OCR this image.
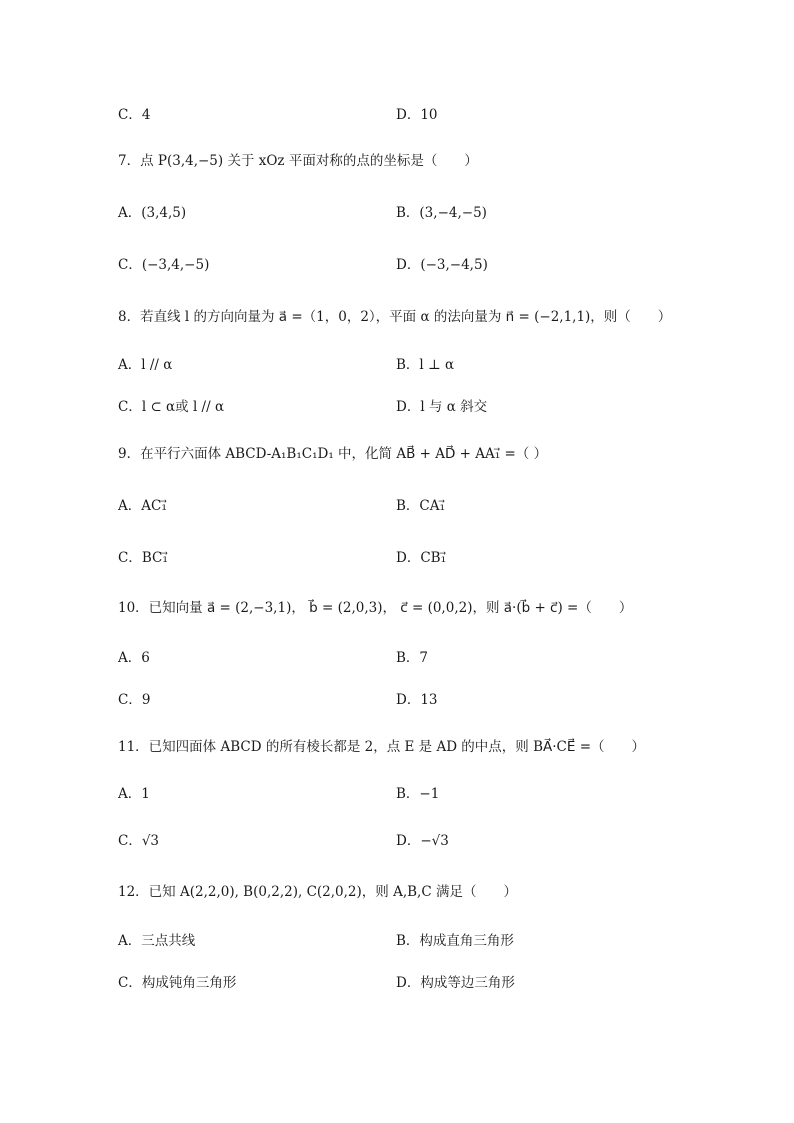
C．4	D．10
7．点 P(3,4,−5) 关于 xOz 平面对称的点的坐标是（　　）
A．(3,4,5)	B．(3,−4,−5)
C．(−3,4,−5)	D．(−3,−4,5)
8．若直线 l 的方向向量为 a⃗ =（1，0，2），平面 α 的法向量为 n⃗ = (−2,1,1)，则（　　）
A．l // α	B．l ⊥ α
C．l ⊂ α或 l // α	D．l 与 α 斜交
9．在平行六面体 ABCD-A₁B₁C₁D₁ 中，化简 AB⃗ + AD⃗ + AA₁⃗ =（ ）
A．AC₁⃗	B．CA₁⃗
C．BC₁⃗	D．CB₁⃗
10．已知向量 a⃗ = (2,−3,1)， b⃗ = (2,0,3)， c⃗ = (0,0,2)，则 a⃗·(b⃗ + c⃗) =（　　）
A．6	B．7
C．9	D．13
11．已知四面体 ABCD 的所有棱长都是 2，点 E 是 AD 的中点，则 BA⃗·CE⃗ =（　　）
A．1	B．−1
C．√3	D．−√3
12．已知 A(2,2,0), B(0,2,2), C(2,0,2)，则 A,B,C 满足（　　）
A．三点共线	B．构成直角三角形
C．构成钝角三角形	D．构成等边三角形
